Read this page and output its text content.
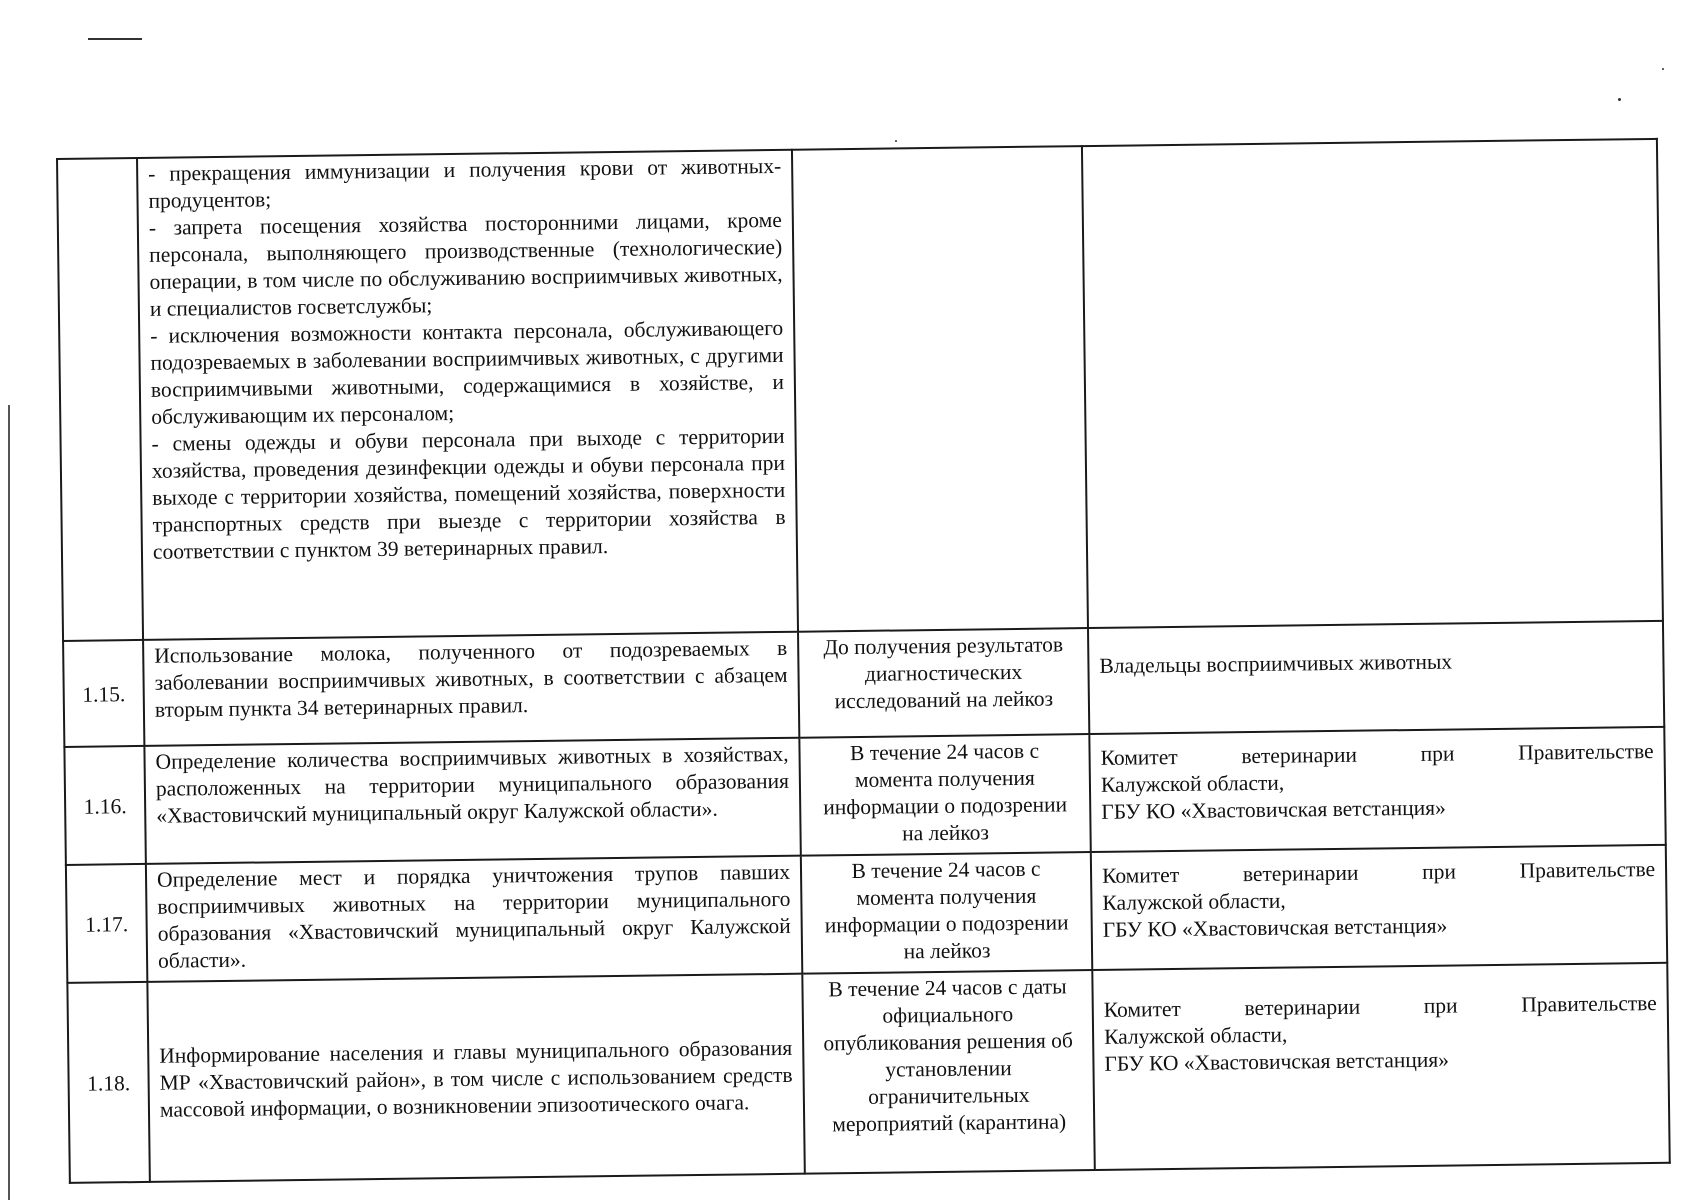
	- прекращения иммунизации и получения крови от животных-продуцентов;
- запрета посещения хозяйства посторонними лицами, кроме персонала, выполняющего производственные (технологические) операции, в том числе по обслуживанию восприимчивых животных, и специалистов госветслужбы;
- исключения возможности контакта персонала, обслуживающего подозреваемых в заболевании восприимчивых животных, с другими восприимчивыми животными, содержащимися в хозяйстве, и обслуживающим их персоналом;
- смены одежды и обуви персонала при выходе с территории хозяйства, проведения дезинфекции одежды и обуви персонала при выходе с территории хозяйства, помещений хозяйства, поверхности транспортных средств при выезде с территории хозяйства в соответствии с пунктом 39 ветеринарных правил.		

1.15.	Использование молока, полученного от подозреваемых в заболевании восприимчивых животных, в соответствии с абзацем вторым пункта 34 ветеринарных правил.	До получения результатов диагностических исследований на лейкоз	Владельцы восприимчивых животных

1.16.	Определение количества восприимчивых животных в хозяйствах, расположенных на территории муниципального образования «Хвастовичский муниципальный округ Калужской области».	В течение 24 часов с момента получения информации о подозрении на лейкоз	Комитет ветеринарии при Правительстве
Калужской области,
ГБУ КО «Хвастовичская ветстанция»

1.17.	Определение мест и порядка уничтожения трупов павших восприимчивых животных на территории муниципального образования «Хвастовичский муниципальный округ Калужской области».	В течение 24 часов с момента получения информации о подозрении на лейкоз	Комитет ветеринарии при Правительстве
Калужской области,
ГБУ КО «Хвастовичская ветстанция»

1.18.	Информирование населения и главы муниципального образования МР «Хвастовичский район», в том числе с использованием средств массовой информации, о возникновении эпизоотического очага.	В течение 24 часов с даты официального опубликования решения об установлении ограничительных мероприятий (карантина)	Комитет ветеринарии при Правительстве
Калужской области,
ГБУ КО «Хвастовичская ветстанция»
